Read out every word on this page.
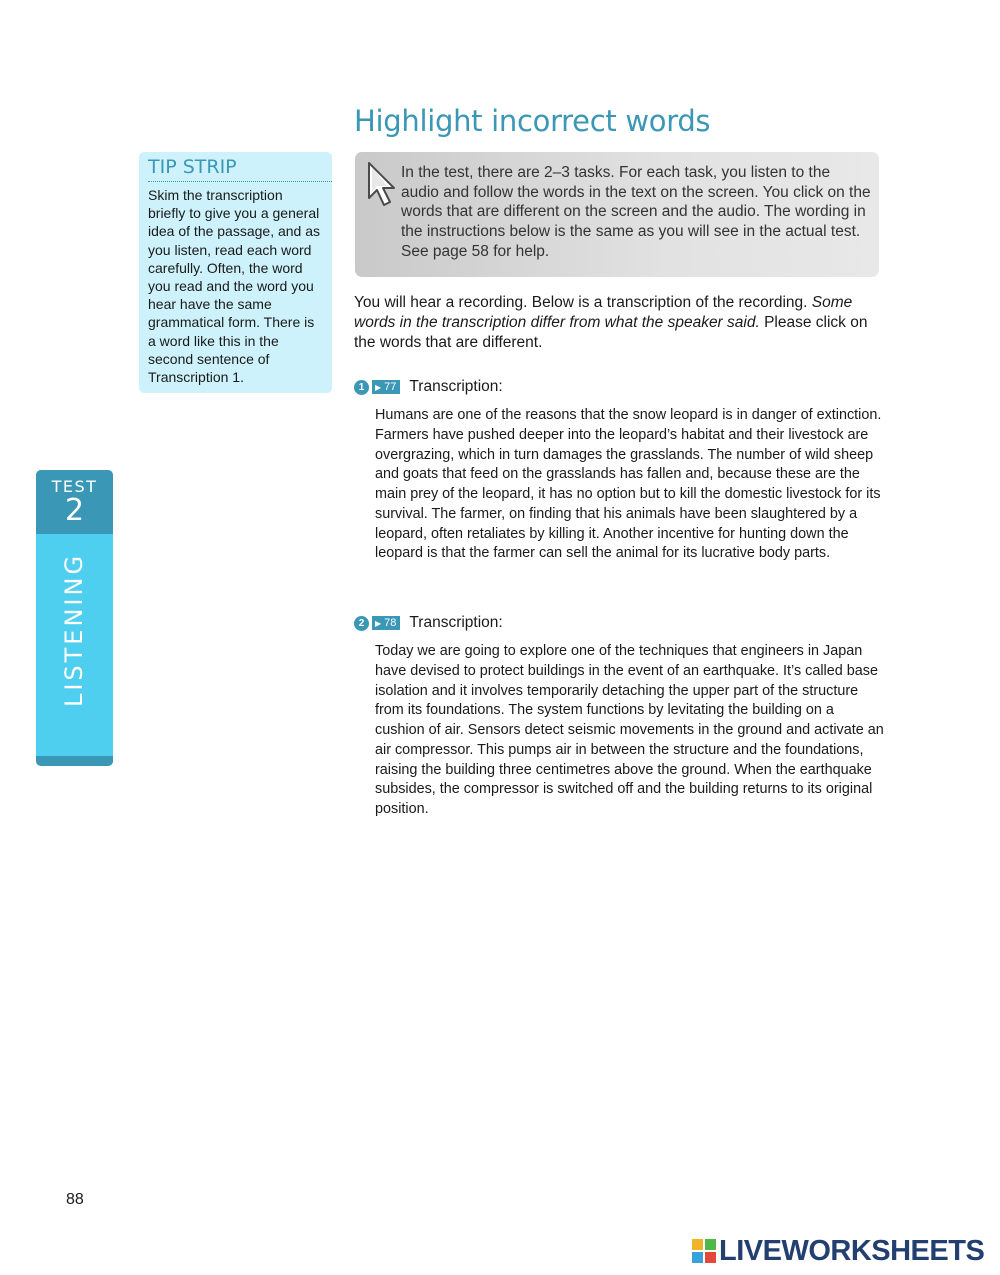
Highlight incorrect words
TIP STRIP
Skim the transcription briefly to give you a general idea of the passage, and as you listen, read each word carefully. Often, the word you read and the word you hear have the same grammatical form. There is a word like this in the second sentence of Transcription 1.
In the test, there are 2–3 tasks. For each task, you listen to the audio and follow the words in the text on the screen. You click on the words that are different on the screen and the audio. The wording in the instructions below is the same as you will see in the actual test. See page 58 for help.
You will hear a recording. Below is a transcription of the recording. Some words in the transcription differ from what the speaker said. Please click on the words that are different.
1	▶ 77 Transcription:
Humans are one of the reasons that the snow leopard is in danger of extinction. Farmers have pushed deeper into the leopard’s habitat and their livestock are overgrazing, which in turn damages the grasslands. The number of wild sheep and goats that feed on the grasslands has fallen and, because these are the main prey of the leopard, it has no option but to kill the domestic livestock for its survival. The farmer, on finding that his animals have been slaughtered by a leopard, often retaliates by killing it. Another incentive for hunting down the leopard is that the farmer can sell the animal for its lucrative body parts.
2	▶ 78 Transcription:
Today we are going to explore one of the techniques that engineers in Japan have devised to protect buildings in the event of an earthquake. It’s called base isolation and it involves temporarily detaching the upper part of the structure from its foundations. The system functions by levitating the building on a cushion of air. Sensors detect seismic movements in the ground and activate an air compressor. This pumps air in between the structure and the foundations, raising the building three centimetres above the ground. When the earthquake subsides, the compressor is switched off and the building returns to its original position.
TEST
2
LISTENING
88
LIVEWORKSHEETS
